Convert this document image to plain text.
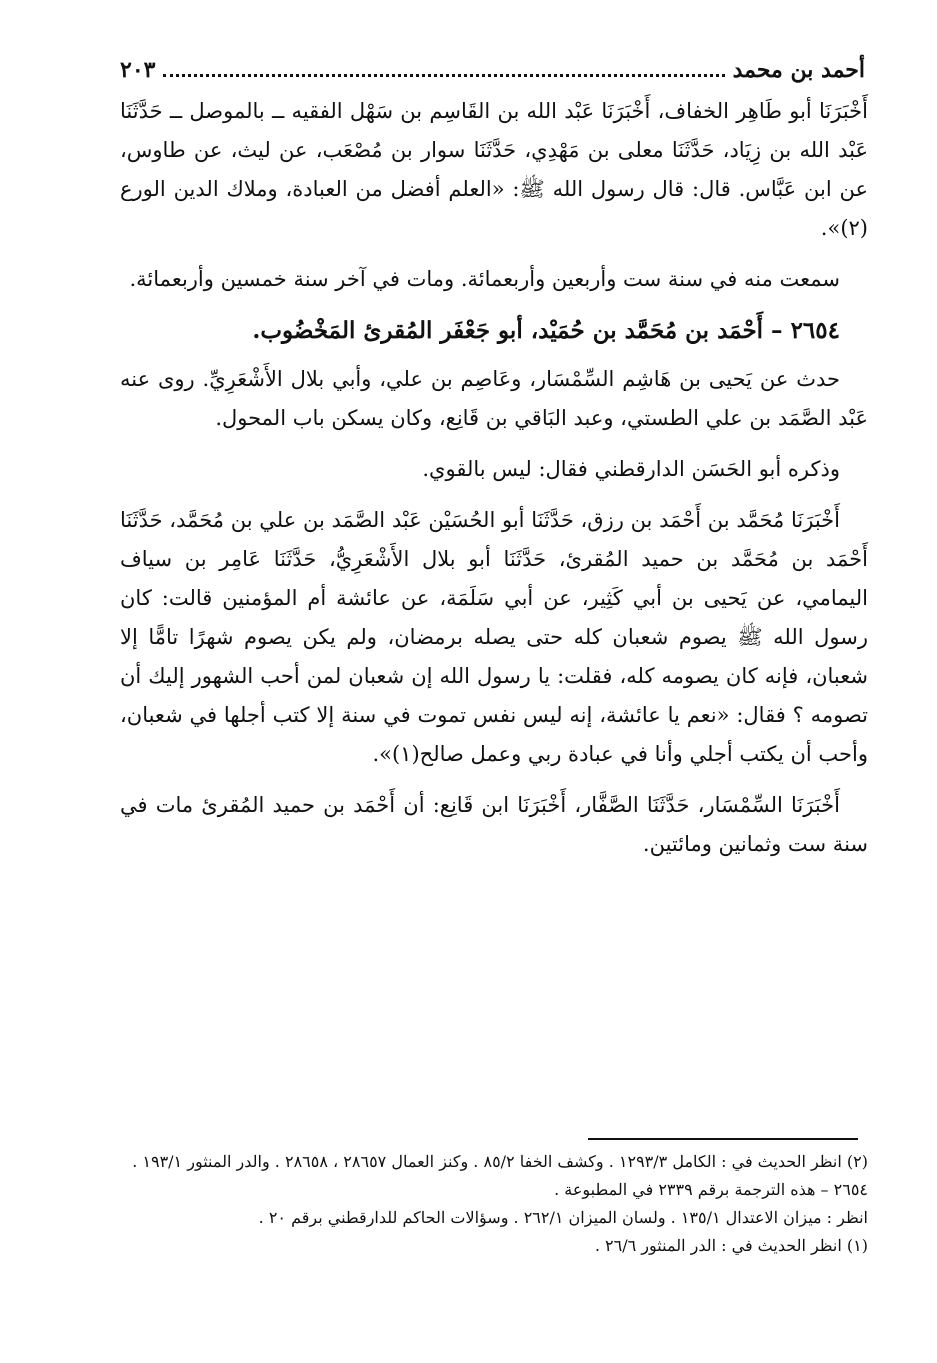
أحمد بن محمد
٢٠٣

أَخْبَرَنَا أبو طَاهِر الخفاف، أَخْبَرَنَا عَبْد الله بن القَاسِم بن سَهْل الفقيه ــ بالموصل ــ حَدَّثَنَا عَبْد الله بن زِيَاد، حَدَّثَنَا معلى بن مَهْدِي، حَدَّثَنَا سوار بن مُصْعَب، عن ليث، عن طاوس، عن ابن عَبَّاس. قال: قال رسول الله ﷺ: «العلم أفضل من العبادة، وملاك الدين الورع (٢)».

سمعت منه في سنة ست وأربعين وأربعمائة. ومات في آخر سنة خمسين وأربعمائة.

٢٦٥٤ – أَحْمَد بن مُحَمَّد بن حُمَيْد، أبو جَعْفَر المُقرئ المَخْضُوب.

حدث عن يَحيى بن هَاشِم السِّمْسَار، وعَاصِم بن علي، وأبي بلال الأَشْعَرِيِّ. روى عنه عَبْد الصَّمَد بن علي الطستي، وعبد البَاقي بن قَانِع، وكان يسكن باب المحول.

وذكره أبو الحَسَن الدارقطني فقال: ليس بالقوي.

أَخْبَرَنَا مُحَمَّد بن أَحْمَد بن رزق، حَدَّثَنَا أبو الحُسَيْن عَبْد الصَّمَد بن علي بن مُحَمَّد، حَدَّثَنَا أَحْمَد بن مُحَمَّد بن حميد المُقرئ، حَدَّثَنَا أبو بلال الأَشْعَرِيُّ، حَدَّثَنَا عَامِر بن سياف اليمامي، عن يَحيى بن أبي كَثِير، عن أبي سَلَمَة، عن عائشة أم المؤمنين قالت: كان رسول الله ﷺ يصوم شعبان كله حتى يصله برمضان، ولم يكن يصوم شهرًا تامًّا إلا شعبان، فإنه كان يصومه كله، فقلت: يا رسول الله إن شعبان لمن أحب الشهور إليك أن تصومه ؟ فقال: «نعم يا عائشة، إنه ليس نفس تموت في سنة إلا كتب أجلها في شعبان، وأحب أن يكتب أجلي وأنا في عبادة ربي وعمل صالح(١)».

أَخْبَرَنَا السِّمْسَار، حَدَّثَنَا الصَّفَّار، أَخْبَرَنَا ابن قَانِع: أن أَحْمَد بن حميد المُقرئ مات في سنة ست وثمانين ومائتين.

(٢) انظر الحديث في : الكامل ١٢٩٣/٣ . وكشف الخفا ٨٥/٢ . وكنز العمال ٢٨٦٥٧ ، ٢٨٦٥٨ . والدر المنثور ١٩٣/١ .

٢٦٥٤ – هذه الترجمة برقم ٢٣٣٩ في المطبوعة .

انظر : ميزان الاعتدال ١٣٥/١ . ولسان الميزان ٢٦٢/١ . وسؤالات الحاكم للدارقطني برقم ٢٠ .

(١) انظر الحديث في : الدر المنثور ٢٦/٦ .
